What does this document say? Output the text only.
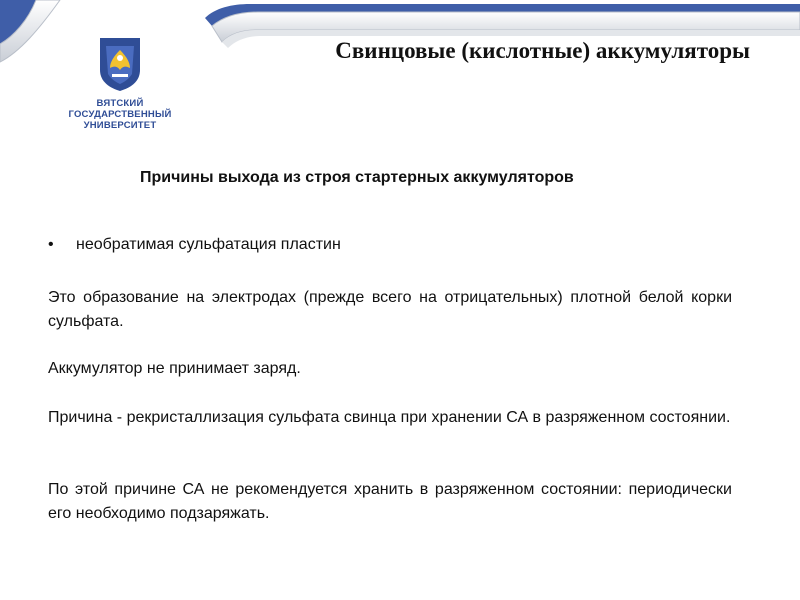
ВЯТСКИЙ
ГОСУДАРСТВЕННЫЙ
УНИВЕРСИТЕТ
Свинцовые (кислотные) аккумуляторы
Причины выхода из строя стартерных аккумуляторов
• необратимая сульфатация пластин
Это образование на электродах (прежде всего на отрицательных) плотной белой корки сульфата.
Аккумулятор не принимает заряд.
Причина - рекристаллизация сульфата свинца при хранении СА в разряженном состоянии.
По этой причине СА не рекомендуется хранить в разряженном состоянии: периодически его необходимо подзаряжать.
